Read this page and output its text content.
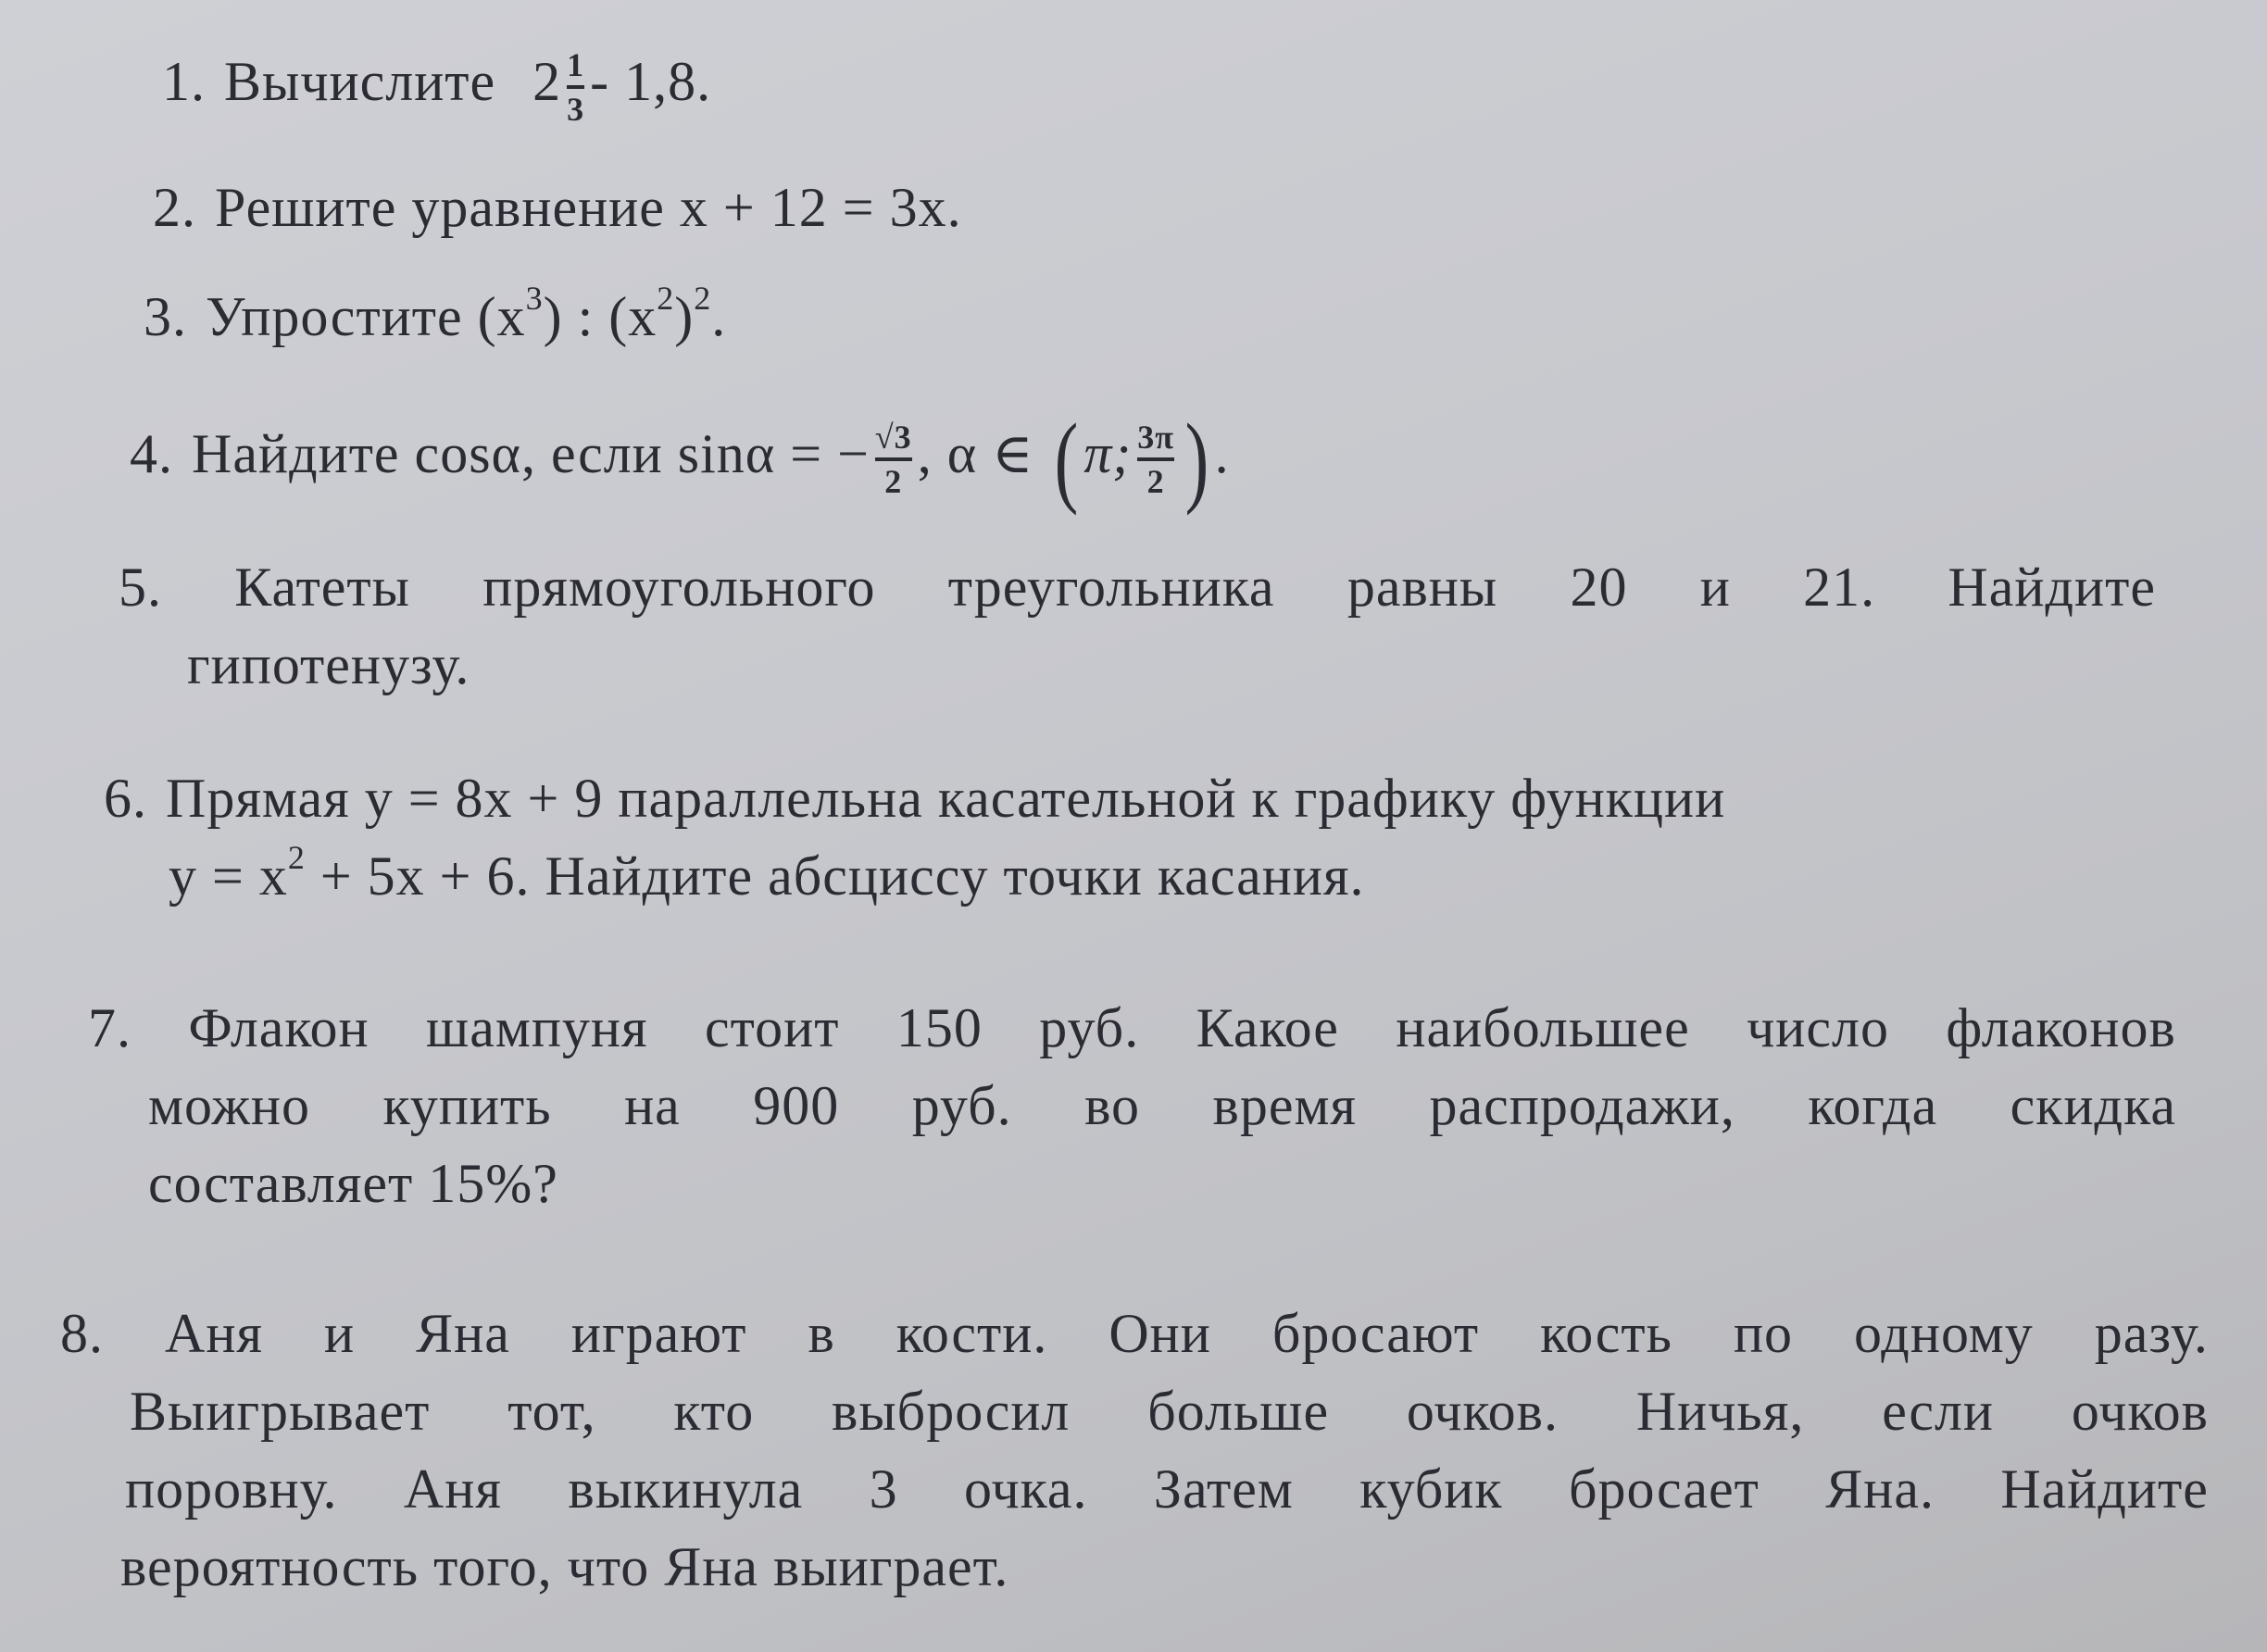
1. Вычислите $2 \frac{1}{3} - 1,8$.
2. Решите уравнение x + 12 = 3x.
3. Упростите $(x^3)$ : $(x^2)^2$.
4. Найдите cosα, если sinα = − $\frac{√3}{2}$ , α ∈ (π; $\frac{3\pi}{2}$ ).
5. Катеты прямоугольного треугольника равны 20 и 21. Найдите
гипотенузу.
6. Прямая y = 8x + 9 параллельна касательной к графику функции
$y = x^2 + 5x + 6$. Найдите абсциссу точки касания.
7. Флакон шампуня стоит 150 руб. Какое наибольшее число флаконов
можно купить на 900 руб. во время распродажи, когда скидка
составляет 15%?
8. Аня и Яна играют в кости. Они бросают кость по одному разу.
Выигрывает тот, кто выбросил больше очков. Ничья, если очков
поровну. Аня выкинула 3 очка. Затем кубик бросает Яна. Найдите
вероятность того, что Яна выиграет.
